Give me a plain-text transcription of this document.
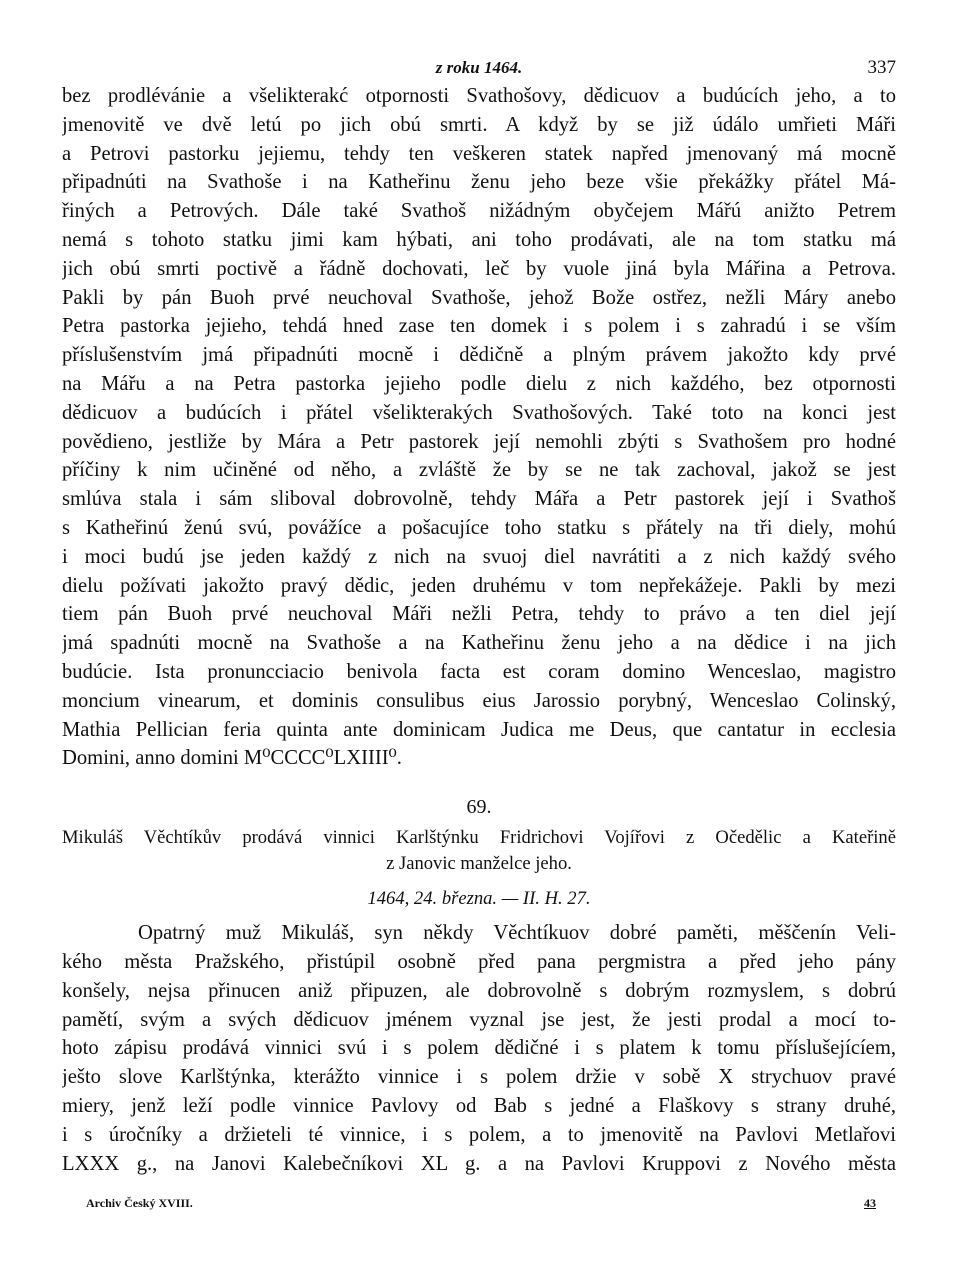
z roku 1464.	337
bez prodlévánie a všelikterakć otpornosti Svathošovy, dědicuov a budúcích jeho, a to
jmenovitě ve dvě letú po jich obú smrti. A když by se již údálo umřieti Máři
a Petrovi pastorku jejiemu, tehdy ten veškeren statek napřed jmenovaný má mocně
připadnúti na Svathoše i na Katheřinu ženu jeho beze všie překážky přátel Má-
řiných a Petrových. Dále také Svathoš nižádným obyčejem Mářú anižto Petrem
nemá s tohoto statku jimi kam hýbati, ani toho prodávati, ale na tom statku má
jich obú smrti poctivě a řádně dochovati, leč by vuole jiná byla Mářina a Petrova.
Pakli by pán Buoh prvé neuchoval Svathoše, jehož Bože ostřez, nežli Máry anebo
Petra pastorka jejieho, tehdá hned zase ten domek i s polem i s zahradú i se vším
příslušenstvím jmá připadnúti mocně i dědičně a plným právem jakožto kdy prvé
na Mářu a na Petra pastorka jejieho podle dielu z nich každého, bez otpornosti
dědicuov a budúcích i přátel všelikterakých Svathošových. Také toto na konci jest
povědieno, jestliže by Mára a Petr pastorek její nemohli zbýti s Svathošem pro hodné
příčiny k nim učiněné od něho, a zvláště že by se ne tak zachoval, jakož se jest
smlúva stala i sám sliboval dobrovolně, tehdy Mářa a Petr pastorek její i Svathoš
s Katheřinú ženú svú, povážíce a pošacujíce toho statku s přátely na tři diely, mohú
i moci budú jse jeden každý z nich na svuoj diel navrátiti a z nich každý svého
dielu požívati jakožto pravý dědic, jeden druhému v tom nepřekážeje. Pakli by mezi
tiem pán Buoh prvé neuchoval Máři nežli Petra, tehdy to právo a ten diel její
jmá spadnúti mocně na Svathoše a na Katheřinu ženu jeho a na dědice i na jich
budúcie. Ista pronuncciacio benivola facta est coram domino Wenceslao, magistro
moncium vinearum, et dominis consulibus eius Jarossio porybný, Wenceslao Colinský,
Mathia Pellician feria quinta ante dominicam Judica me Deus, que cantatur in ecclesia
Domini, anno domini M⁰CCCC⁰LXIIII⁰.
69.
Mikuláš Věchtíkův prodává vinnici Karlštýnku Fridrichovi Vojířovi z Očedělic a Kateřině
z Janovic manželce jeho.
1464, 24. března. — II. H. 27.
Opatrný muž Mikuláš, syn někdy Věchtíkuov dobré paměti, měščenín Veli-
kého města Pražského, přistúpil osobně před pana pergmistra a před jeho pány
konšely, nejsa přinucen aniž připuzen, ale dobrovolně s dobrým rozmyslem, s dobrú
pamětí, svým a svých dědicuov jménem vyznal jse jest, že jesti prodal a mocí to-
hoto zápisu prodává vinnici svú i s polem dědičné i s platem k tomu příslušejícíem,
ješto slove Karlštýnka, kterážto vinnice i s polem držie v sobě X strychuov pravé
miery, jenž leží podle vinnice Pavlovy od Bab s jedné a Flaškovy s strany druhé,
i s úročníky a držieteli té vinnice, i s polem, a to jmenovitě na Pavlovi Metlařovi
LXXX g., na Janovi Kalebečníkovi XL g. a na Pavlovi Kruppovi z Nového města
Archiv Český XVIII.	43
